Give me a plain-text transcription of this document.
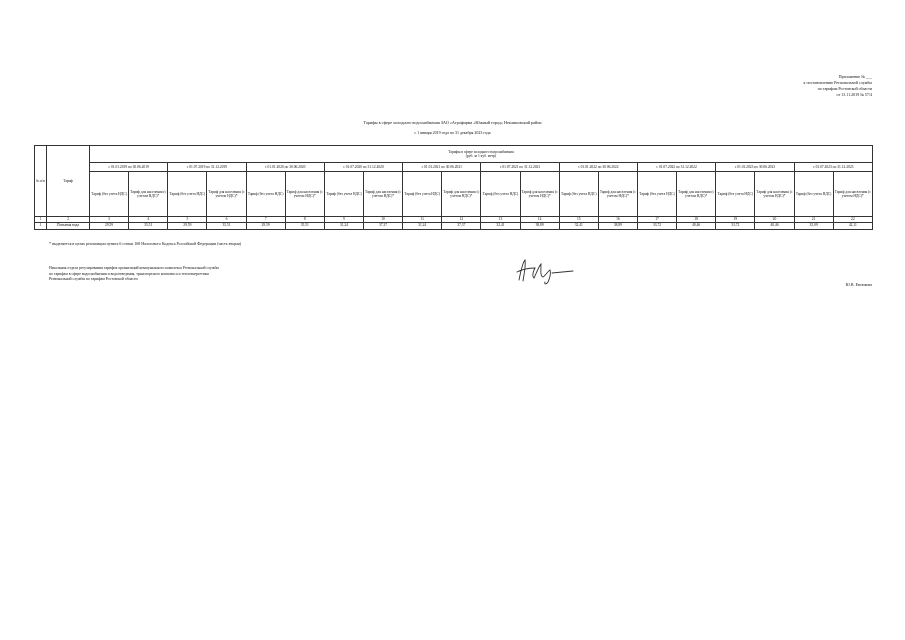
Приложение № ___
к постановлению Региональной службы
по тарифам Ростовской области
от 13.11.2019 № 57/4
Тарифы в сфере холодного водоснабжения ЗАО «Агрофирма «Южный город» Неклиновский район
с 1 января 2019 года по 31 декабря 2023 года
№ п/п	Тариф	Тарифы в сфере холодного водоснабжения
(руб. за 1 куб. метр)																			

		с 01.01.2019 по 30.06.2019		с 01.07.2019 по 31.12.2019		с 01.01.2020 по 30.06.2020		с 01.07.2020 по 31.12.2020		с 01.01.2021 по 30.06.2021		с 01.07.2021 по 31.12.2021		с 01.01.2022 по 30.06.2022		с 01.07.2022 по 31.12.2022		с 01.01.2023 по 30.06.2023		с 01.07.2023 по 31.12.2023	
		Тариф (без учета НДС)	Тариф для населения (с учетом НДС)*	Тариф (без учета НДС)	Тариф для населения (с учетом НДС)*	Тариф (без учета НДС)	Тариф для населения (с учетом НДС)*	Тариф (без учета НДС)	Тариф для населения (с учетом НДС)*	Тариф (без учета НДС)	Тариф для населения (с учетом НДС)*	Тариф (без учета НДС)	Тариф для населения (с учетом НДС)*	Тариф (без учета НДС)	Тариф для населения (с учетом НДС)*	Тариф (без учета НДС)	Тариф для населения (с учетом НДС)*	Тариф (без учета НДС)	Тариф для населения (с учетом НДС)*	Тариф (без учета НДС)	Тариф для населения (с учетом НДС)*
1	2	3	4	5	6	7	8	9	10	11	12	13	14	15	16	17	18	19	20	21	22
1	Питьевая вода	29,59	35,51	29,59	35,51	29,59	35,51	31,24	37,37	31,24	37,37	32,41	38,89	32,41	38,89	33,72	40,46	33,72	40,46	35,09	42,11
* выделяется в целях реализации пункта 6 статьи 168 Налогового Кодекса Российской Федерации (часть вторая)
Начальник отдела регулирования тарифов организаций коммунального комплекса Региональной службы
по тарифам в сфере водоснабжения и водоотведения, транспортного комплекса и теплоэнергетики
Региональной службы по тарифам Ростовской области
Ю.В. Евсюкова
